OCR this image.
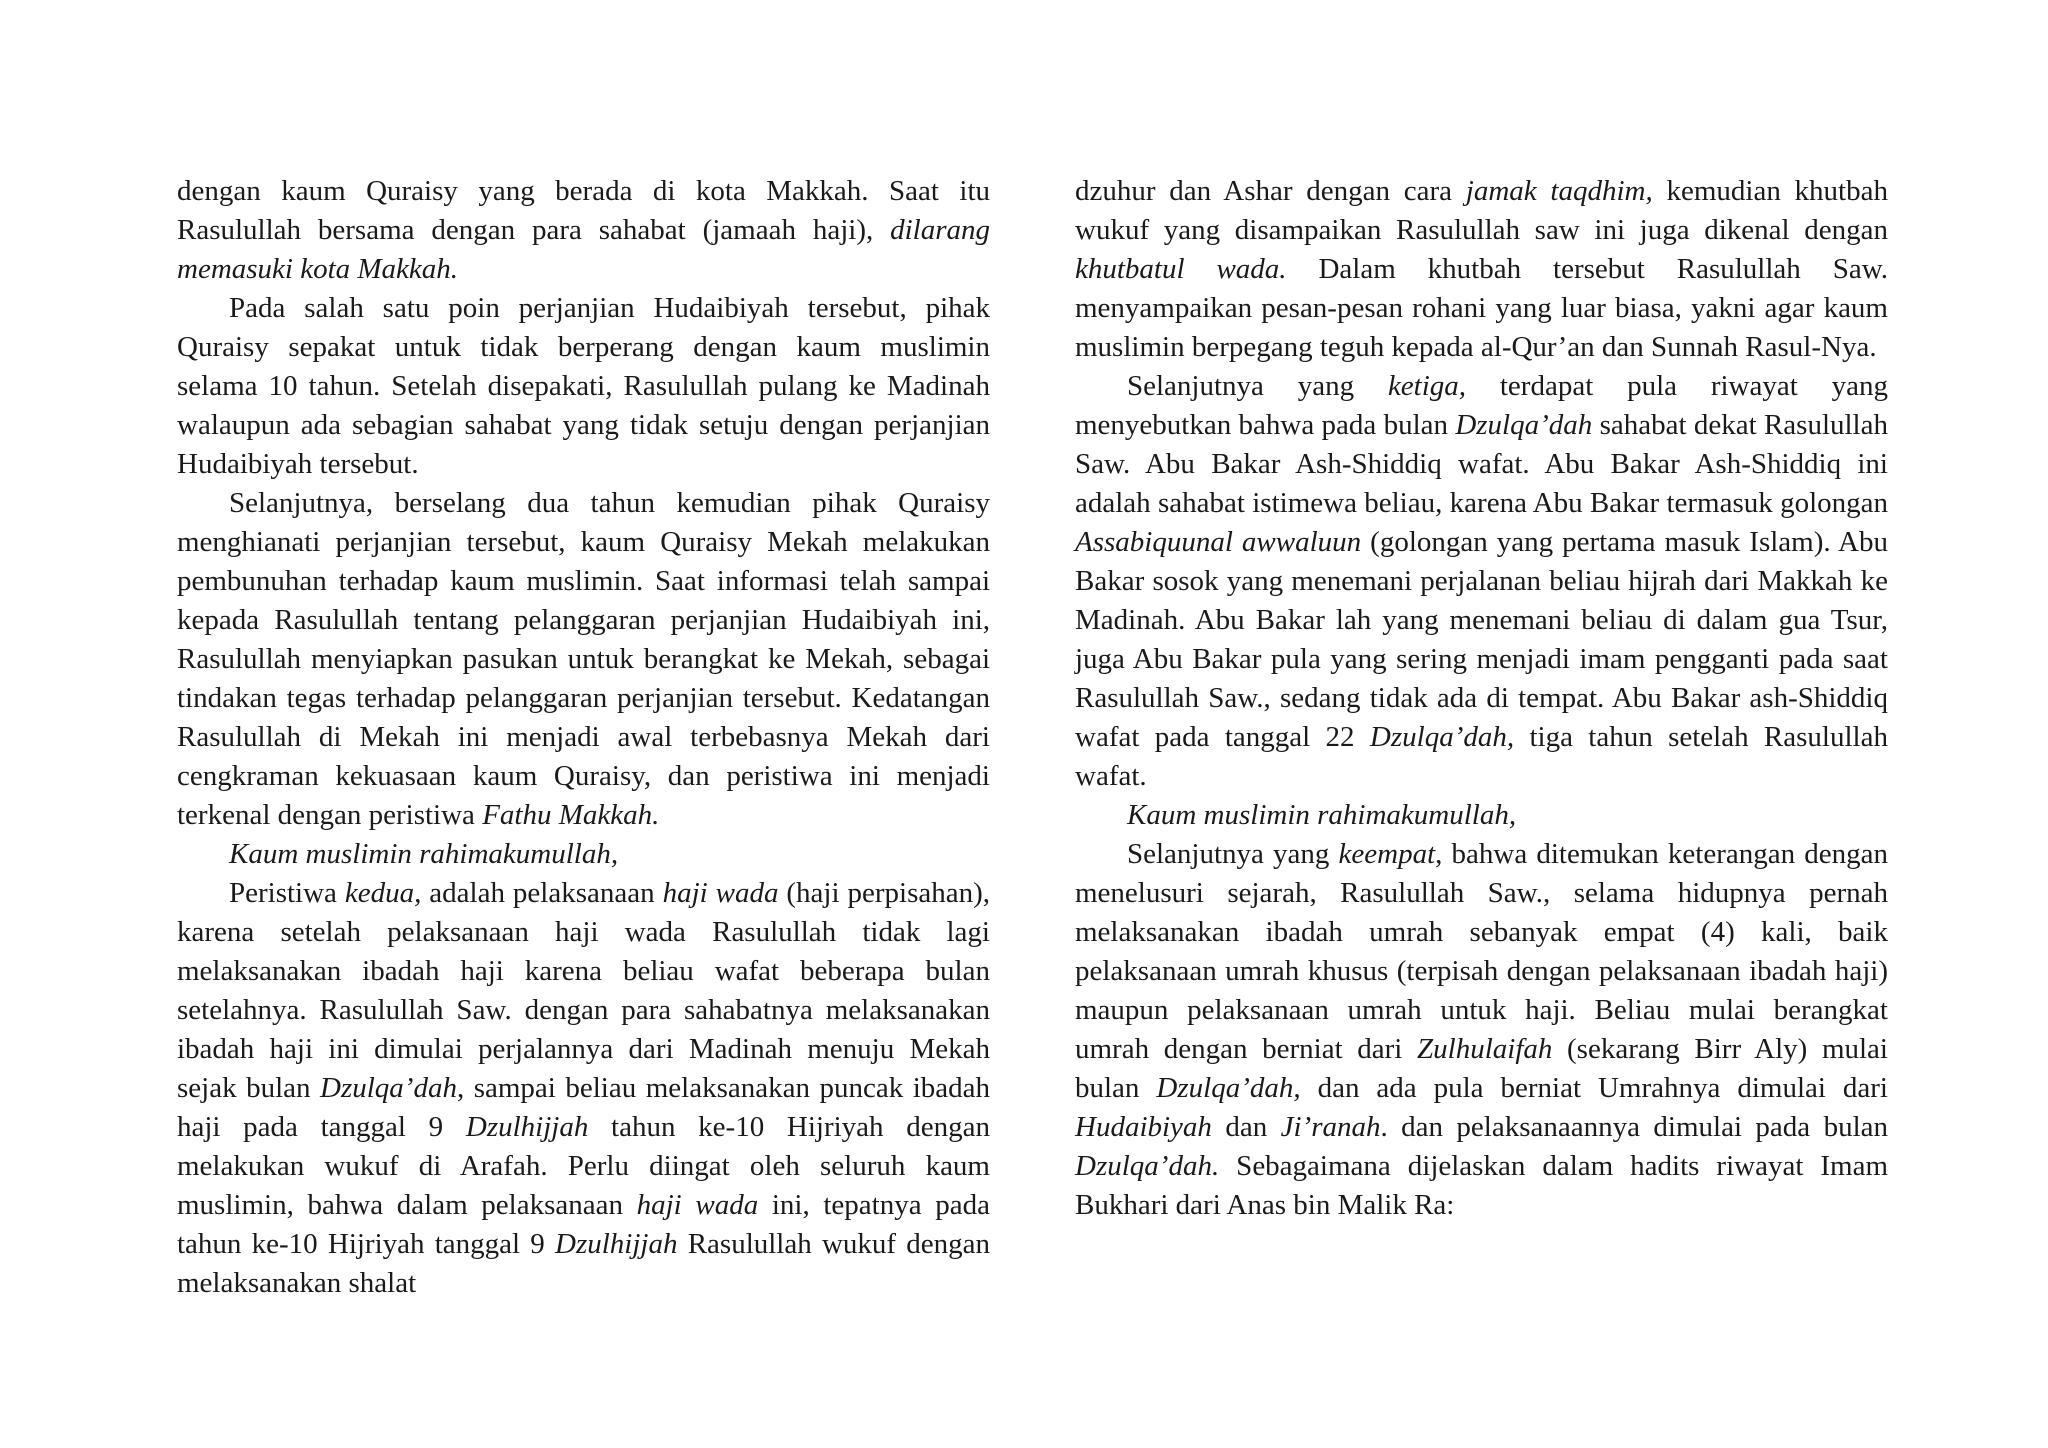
dengan kaum Quraisy yang berada di kota Makkah. Saat itu Rasulullah bersama dengan para sahabat (jamaah haji), dilarang memasuki kota Makkah.

Pada salah satu poin perjanjian Hudaibiyah tersebut, pihak Quraisy sepakat untuk tidak berperang dengan kaum muslimin selama 10 tahun. Setelah disepakati, Rasulullah pulang ke Madinah walaupun ada sebagian sahabat yang tidak setuju dengan perjanjian Hudaibiyah tersebut.

Selanjutnya, berselang dua tahun kemudian pihak Quraisy menghianati perjanjian tersebut, kaum Quraisy Mekah melakukan pembunuhan terhadap kaum muslimin. Saat informasi telah sampai kepada Rasulullah tentang pelanggaran perjanjian Hudaibiyah ini, Rasulullah menyiapkan pasukan untuk berangkat ke Mekah, sebagai tindakan tegas terhadap pelanggaran perjanjian tersebut. Kedatangan Rasulullah di Mekah ini menjadi awal terbebasnya Mekah dari cengkraman kekuasaan kaum Quraisy, dan peristiwa ini menjadi terkenal dengan peristiwa Fathu Makkah.

Kaum muslimin rahimakumullah,

Peristiwa kedua, adalah pelaksanaan haji wada (haji perpisahan), karena setelah pelaksanaan haji wada Rasulullah tidak lagi melaksanakan ibadah haji karena beliau wafat beberapa bulan setelahnya. Rasulullah Saw. dengan para sahabatnya melaksanakan ibadah haji ini dimulai perjalannya dari Madinah menuju Mekah sejak bulan Dzulqa’dah, sampai beliau melaksanakan puncak ibadah haji pada tanggal 9 Dzulhijjah tahun ke-10 Hijriyah dengan melakukan wukuf di Arafah. Perlu diingat oleh seluruh kaum muslimin, bahwa dalam pelaksanaan haji wada ini, tepatnya pada tahun ke-10 Hijriyah tanggal 9 Dzulhijjah Rasulullah wukuf dengan melaksanakan shalat

dzuhur dan Ashar dengan cara jamak taqdhim, kemudian khutbah wukuf yang disampaikan Rasulullah saw ini juga dikenal dengan khutbatul wada. Dalam khutbah tersebut Rasulullah Saw. menyampaikan pesan-pesan rohani yang luar biasa, yakni agar kaum muslimin berpegang teguh kepada al-Qur’an dan Sunnah Rasul-Nya.

Selanjutnya yang ketiga, terdapat pula riwayat yang menyebutkan bahwa pada bulan Dzulqa’dah sahabat dekat Rasulullah Saw. Abu Bakar Ash-Shiddiq wafat. Abu Bakar Ash-Shiddiq ini adalah sahabat istimewa beliau, karena Abu Bakar termasuk golongan Assabiquunal awwaluun (golongan yang pertama masuk Islam). Abu Bakar sosok yang menemani perjalanan beliau hijrah dari Makkah ke Madinah. Abu Bakar lah yang menemani beliau di dalam gua Tsur, juga Abu Bakar pula yang sering menjadi imam pengganti pada saat Rasulullah Saw., sedang tidak ada di tempat. Abu Bakar ash-Shiddiq wafat pada tanggal 22 Dzulqa’dah, tiga tahun setelah Rasulullah wafat.

Kaum muslimin rahimakumullah,

Selanjutnya yang keempat, bahwa ditemukan keterangan dengan menelusuri sejarah, Rasulullah Saw., selama hidupnya pernah melaksanakan ibadah umrah sebanyak empat (4) kali, baik pelaksanaan umrah khusus (terpisah dengan pelaksanaan ibadah haji) maupun pelaksanaan umrah untuk haji. Beliau mulai berangkat umrah dengan berniat dari Zulhulaifah (sekarang Birr Aly) mulai bulan Dzulqa’dah, dan ada pula berniat Umrahnya dimulai dari Hudaibiyah dan Ji’ranah. dan pelaksanaannya dimulai pada bulan Dzulqa’dah. Sebagaimana dijelaskan dalam hadits riwayat Imam Bukhari dari Anas bin Malik Ra:
